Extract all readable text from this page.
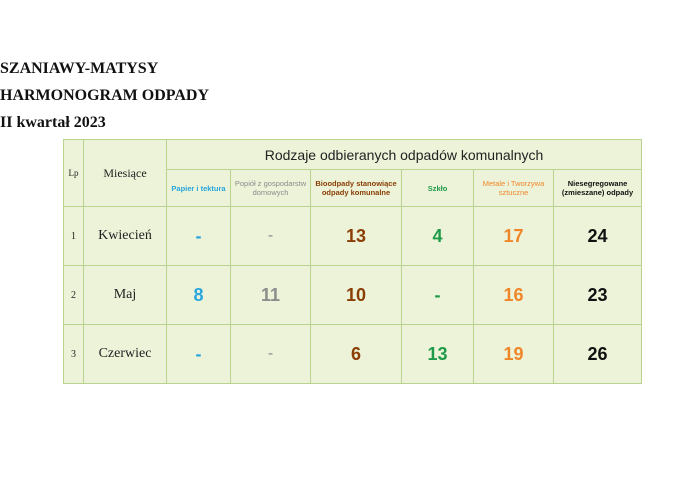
SZANIAWY-MATYSY
HARMONOGRAM ODPADY
II kwartał 2023
Lp	Miesiące	Rodzaje odbieranych odpadów komunalnych					
		Papier i tektura	Popiół z gospodarstw domowych	Bioodpady stanowiące odpady komunalne	Szkło	Metale i Tworzywa sztuczne	Niesegregowane (zmieszane) odpady
1	Kwiecień	-	-	13	4	17	24
2	Maj	8	11	10	-	16	23
3	Czerwiec	-	-	6	13	19	26
